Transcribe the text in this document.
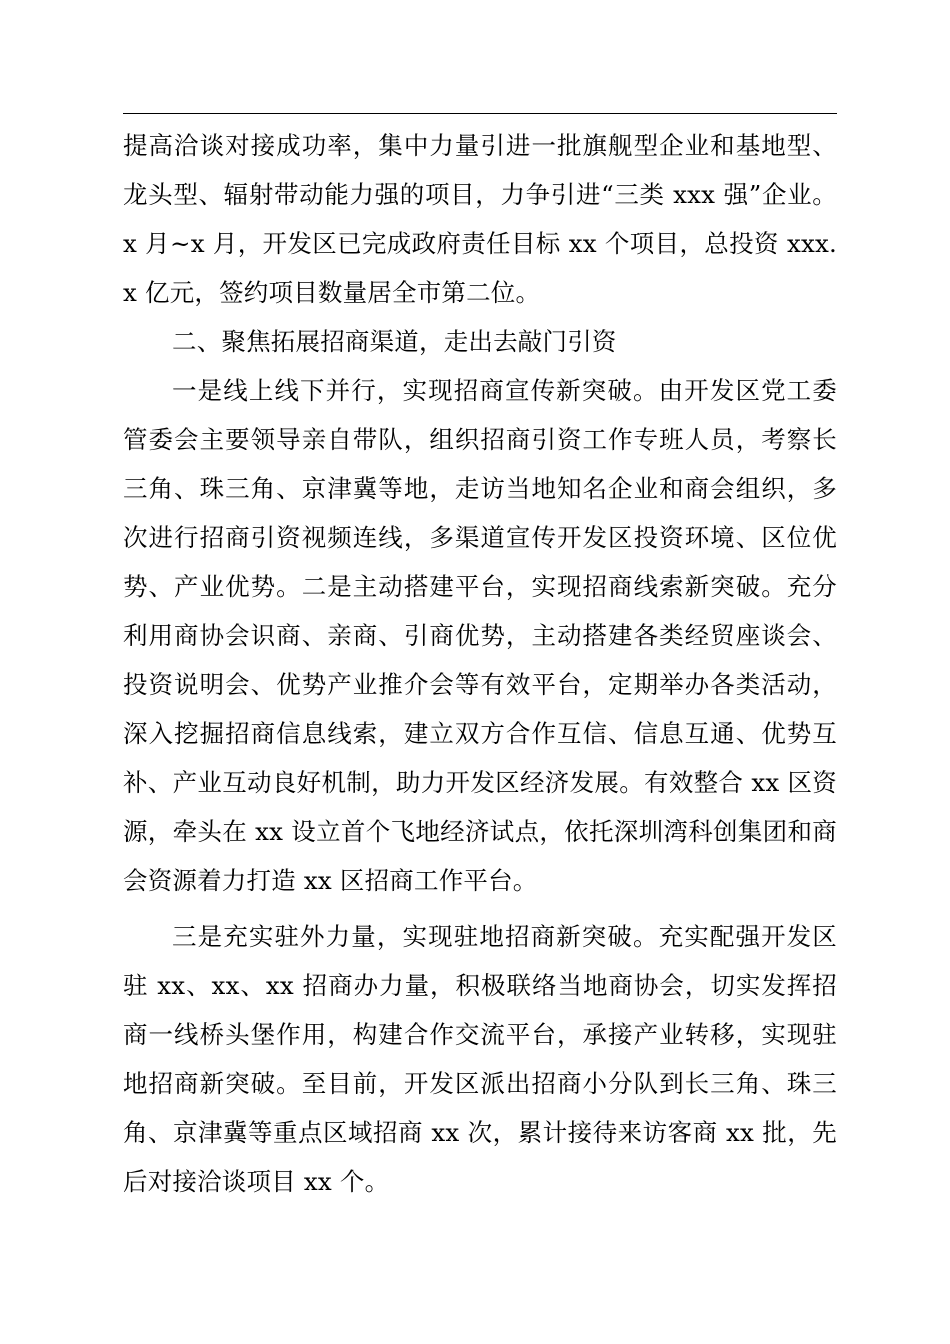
提高洽谈对接成功率，集中力量引进一批旗舰型企业和基地型、龙头型、辐射带动能力强的项目，力争引进“三类 xxx 强”企业。x 月~x 月，开发区已完成政府责任目标 xx 个项目，总投资 xxx.x 亿元，签约项目数量居全市第二位。

二、聚焦拓展招商渠道，走出去敲门引资

一是线上线下并行，实现招商宣传新突破。由开发区党工委管委会主要领导亲自带队，组织招商引资工作专班人员，考察长三角、珠三角、京津冀等地，走访当地知名企业和商会组织，多次进行招商引资视频连线，多渠道宣传开发区投资环境、区位优势、产业优势。二是主动搭建平台，实现招商线索新突破。充分利用商协会识商、亲商、引商优势，主动搭建各类经贸座谈会、投资说明会、优势产业推介会等有效平台，定期举办各类活动，深入挖掘招商信息线索，建立双方合作互信、信息互通、优势互补、产业互动良好机制，助力开发区经济发展。有效整合 xx 区资源，牵头在 xx 设立首个飞地经济试点，依托深圳湾科创集团和商会资源着力打造 xx 区招商工作平台。

三是充实驻外力量，实现驻地招商新突破。充实配强开发区驻 xx、xx、xx 招商办力量，积极联络当地商协会，切实发挥招商一线桥头堡作用，构建合作交流平台，承接产业转移，实现驻地招商新突破。至目前，开发区派出招商小分队到长三角、珠三角、京津冀等重点区域招商 xx 次，累计接待来访客商 xx 批，先后对接洽谈项目 xx 个。
